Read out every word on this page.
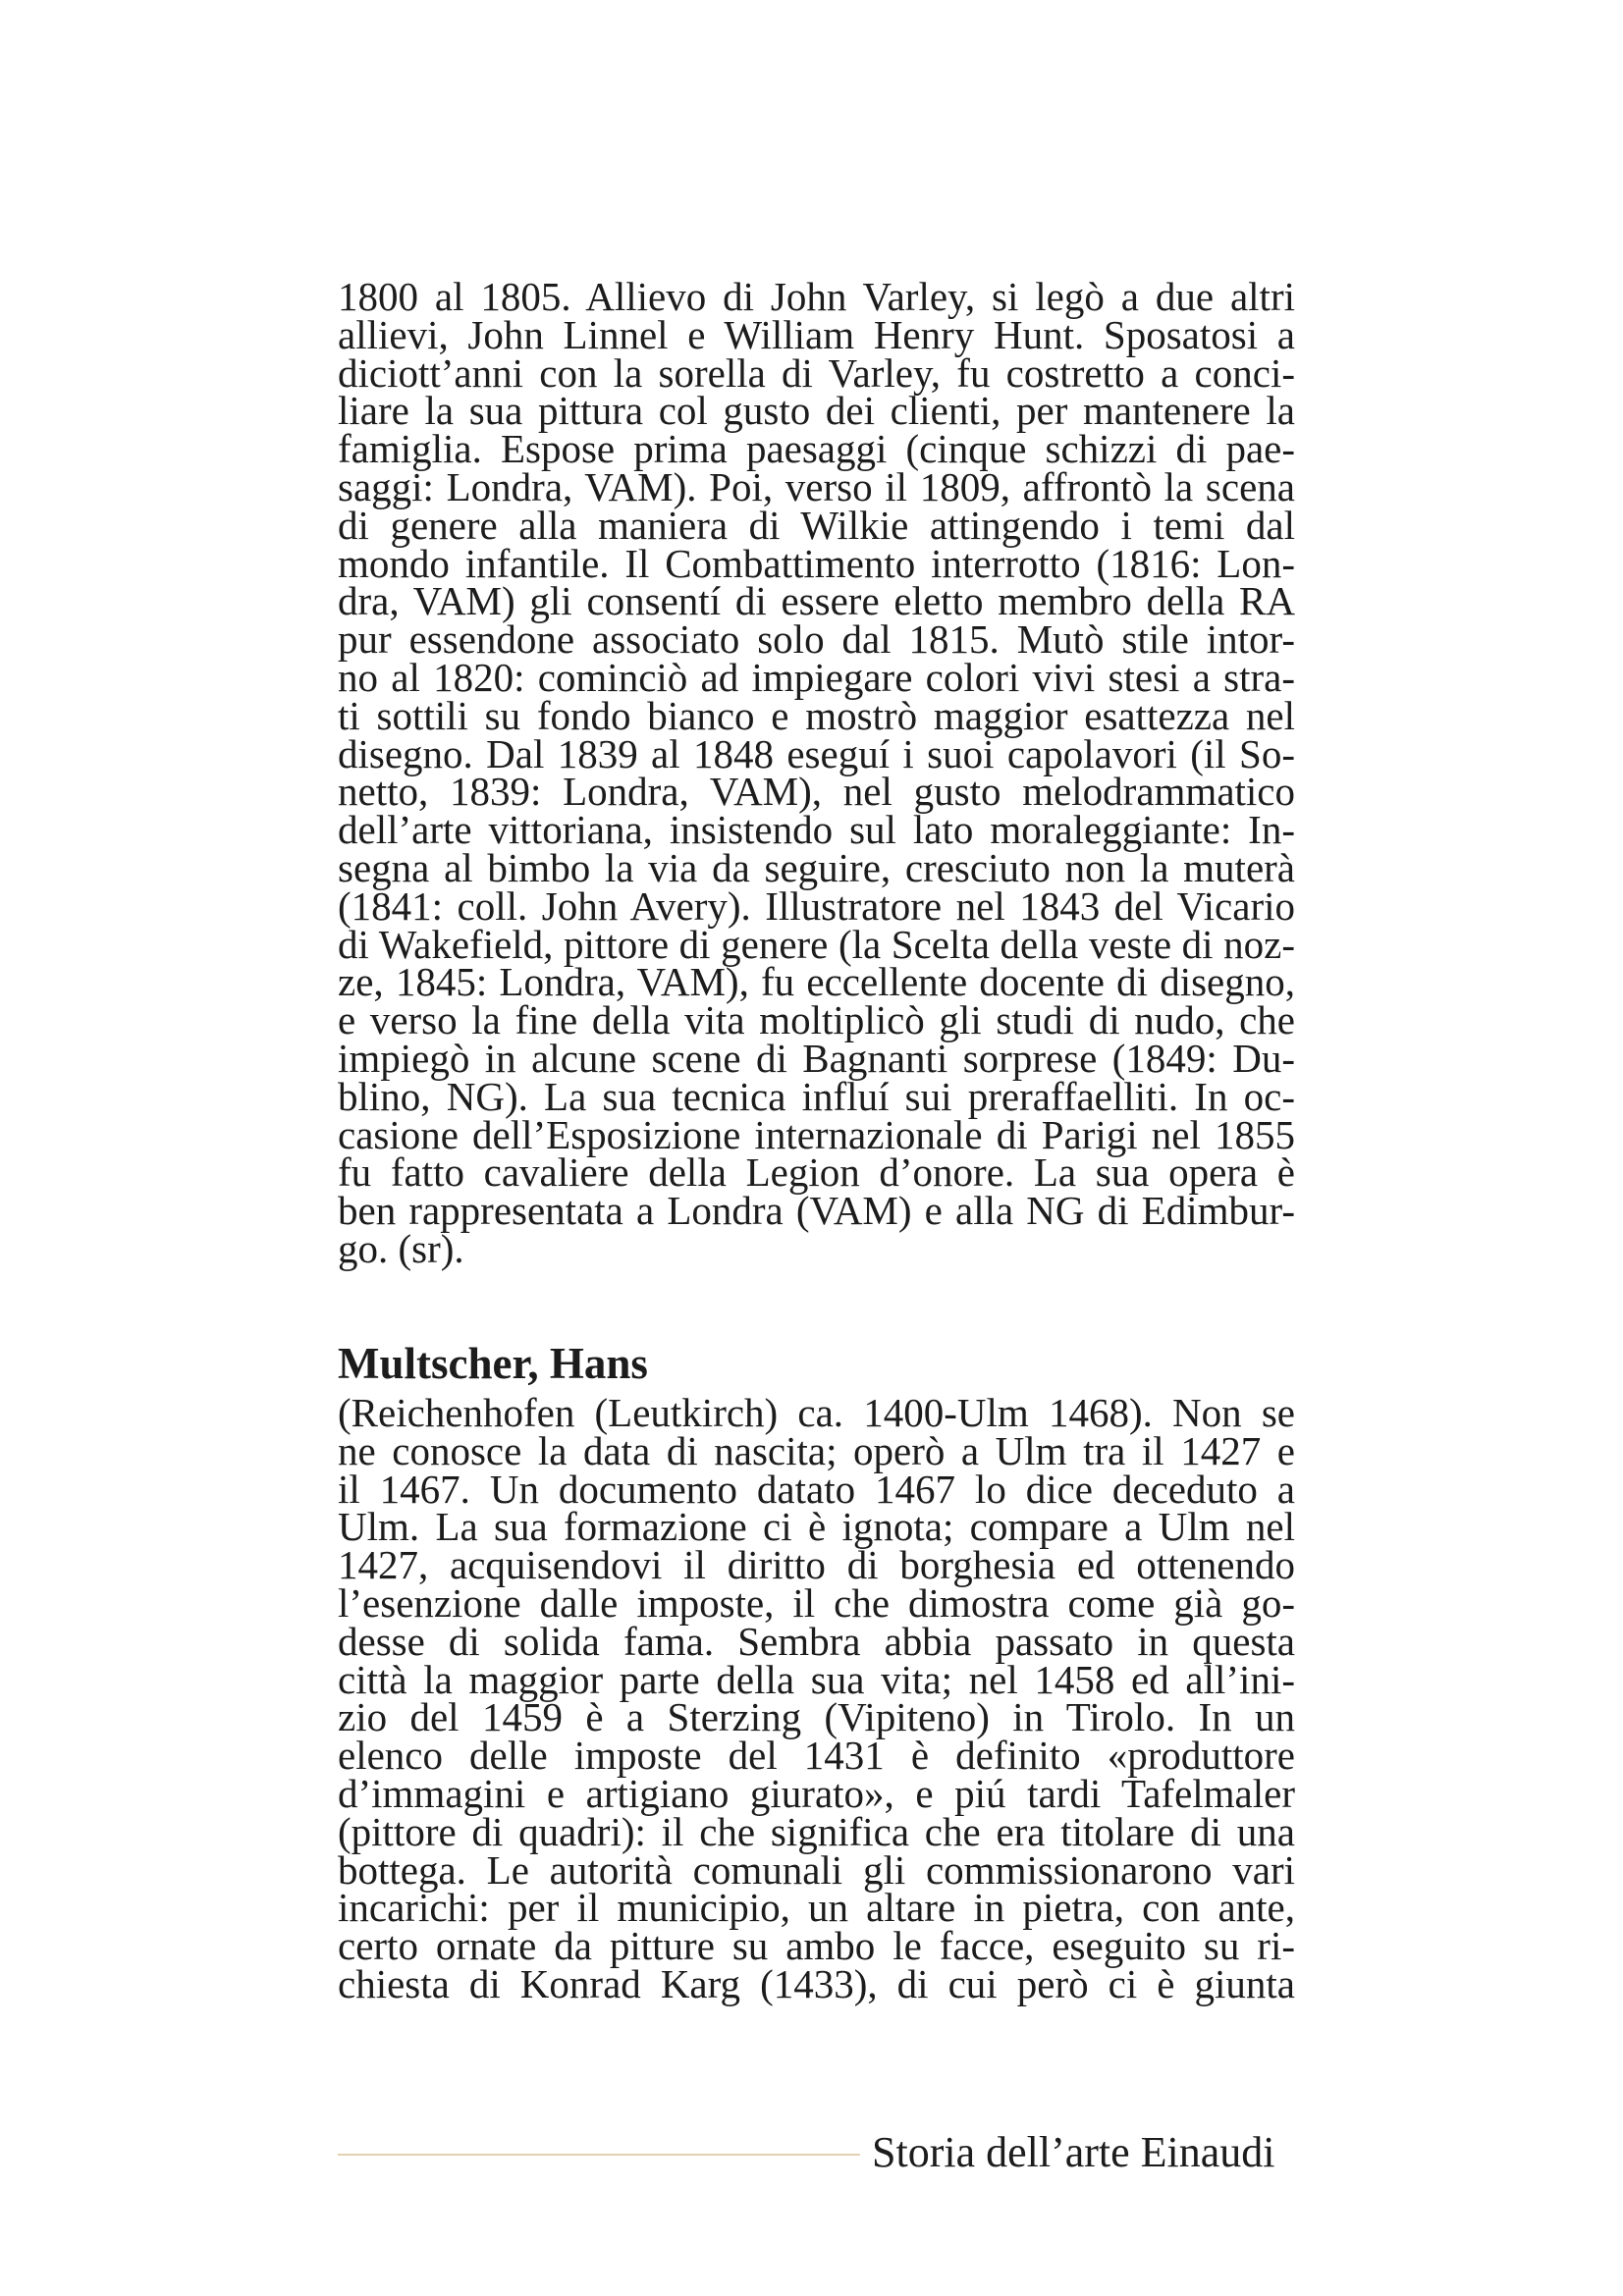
1800 al 1805. Allievo di John Varley, si legò a due altri
allievi, John Linnel e William Henry Hunt. Sposatosi a
diciott’anni con la sorella di Varley, fu costretto a conci-
liare la sua pittura col gusto dei clienti, per mantenere la
famiglia. Espose prima paesaggi (cinque schizzi di pae-
saggi: Londra, VAM). Poi, verso il 1809, affrontò la scena
di genere alla maniera di Wilkie attingendo i temi dal
mondo infantile. Il Combattimento interrotto (1816: Lon-
dra, VAM) gli consentí di essere eletto membro della RA
pur essendone associato solo dal 1815. Mutò stile intor-
no al 1820: cominciò ad impiegare colori vivi stesi a stra-
ti sottili su fondo bianco e mostrò maggior esattezza nel
disegno. Dal 1839 al 1848 eseguí i suoi capolavori (il So-
netto, 1839: Londra, VAM), nel gusto melodrammatico
dell’arte vittoriana, insistendo sul lato moraleggiante: In-
segna al bimbo la via da seguire, cresciuto non la muterà
(1841: coll. John Avery). Illustratore nel 1843 del Vicario
di Wakefield, pittore di genere (la Scelta della veste di noz-
ze, 1845: Londra, VAM), fu eccellente docente di disegno,
e verso la fine della vita moltiplicò gli studi di nudo, che
impiegò in alcune scene di Bagnanti sorprese (1849: Du-
blino, NG). La sua tecnica influí sui preraffaelliti. In oc-
casione dell’Esposizione internazionale di Parigi nel 1855
fu fatto cavaliere della Legion d’onore. La sua opera è
ben rappresentata a Londra (VAM) e alla NG di Edimbur-
go. (sr).
Multscher, Hans
(Reichenhofen (Leutkirch) ca. 1400-Ulm 1468). Non se
ne conosce la data di nascita; operò a Ulm tra il 1427 e
il 1467. Un documento datato 1467 lo dice deceduto a
Ulm. La sua formazione ci è ignota; compare a Ulm nel
1427, acquisendovi il diritto di borghesia ed ottenendo
l’esenzione dalle imposte, il che dimostra come già go-
desse di solida fama. Sembra abbia passato in questa
città la maggior parte della sua vita; nel 1458 ed all’ini-
zio del 1459 è a Sterzing (Vipiteno) in Tirolo. In un
elenco delle imposte del 1431 è definito «produttore
d’immagini e artigiano giurato», e piú tardi Tafelmaler
(pittore di quadri): il che significa che era titolare di una
bottega. Le autorità comunali gli commissionarono vari
incarichi: per il municipio, un altare in pietra, con ante,
certo ornate da pitture su ambo le facce, eseguito su ri-
chiesta di Konrad Karg (1433), di cui però ci è giunta
Storia dell’arte Einaudi
